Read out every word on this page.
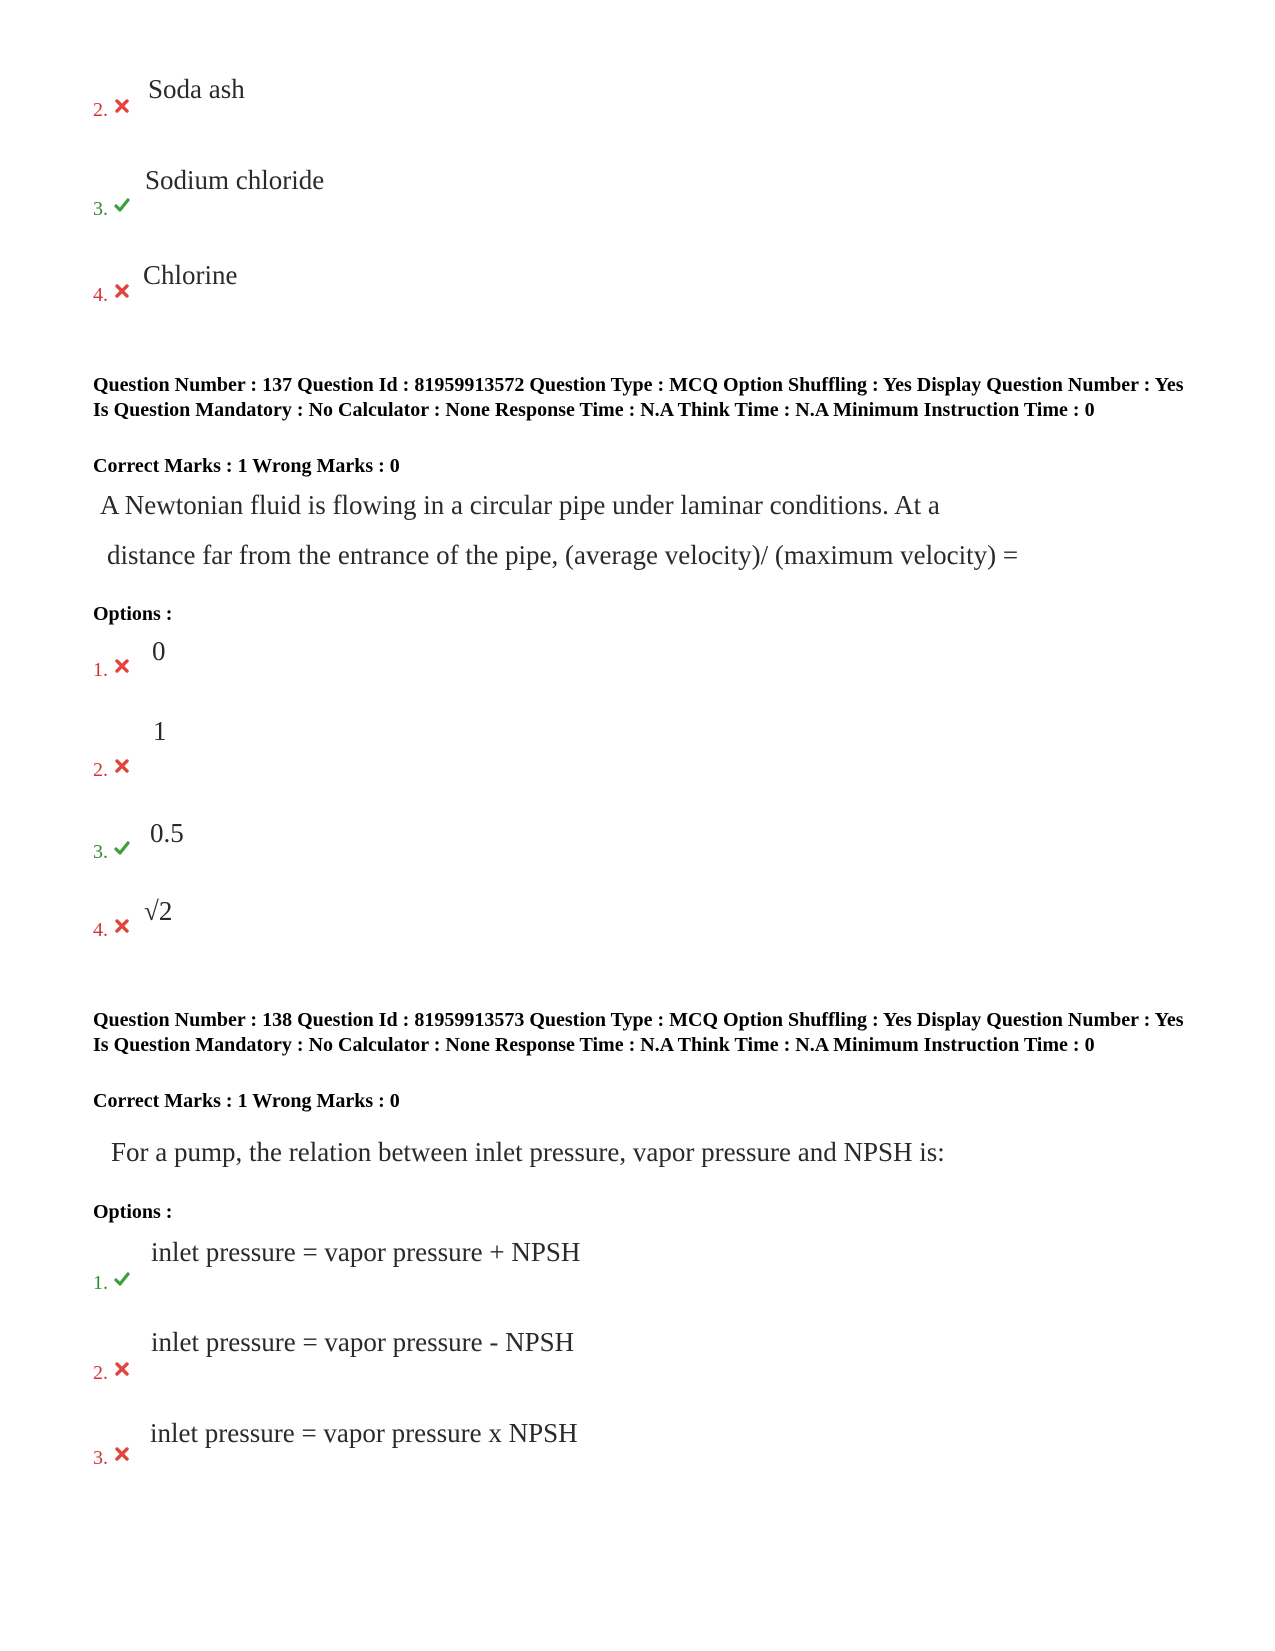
2.
Soda ash
3.
Sodium chloride
4.
Chlorine
Question Number : 137 Question Id : 81959913572 Question Type : MCQ Option Shuffling : Yes Display Question Number : Yes Is Question Mandatory : No Calculator : None Response Time : N.A Think Time : N.A Minimum Instruction Time : 0
Correct Marks : 1 Wrong Marks : 0
A Newtonian fluid is flowing in a circular pipe under laminar conditions. At a
distance far from the entrance of the pipe, (average velocity)/ (maximum velocity) =
Options :
1.
0
2.
1
3.
0.5
4.
√2
Question Number : 138 Question Id : 81959913573 Question Type : MCQ Option Shuffling : Yes Display Question Number : Yes Is Question Mandatory : No Calculator : None Response Time : N.A Think Time : N.A Minimum Instruction Time : 0
Correct Marks : 1 Wrong Marks : 0
For a pump, the relation between inlet pressure, vapor pressure and NPSH is:
Options :
1.
inlet pressure = vapor pressure + NPSH
2.
inlet pressure = vapor pressure - NPSH
3.
inlet pressure = vapor pressure x NPSH
